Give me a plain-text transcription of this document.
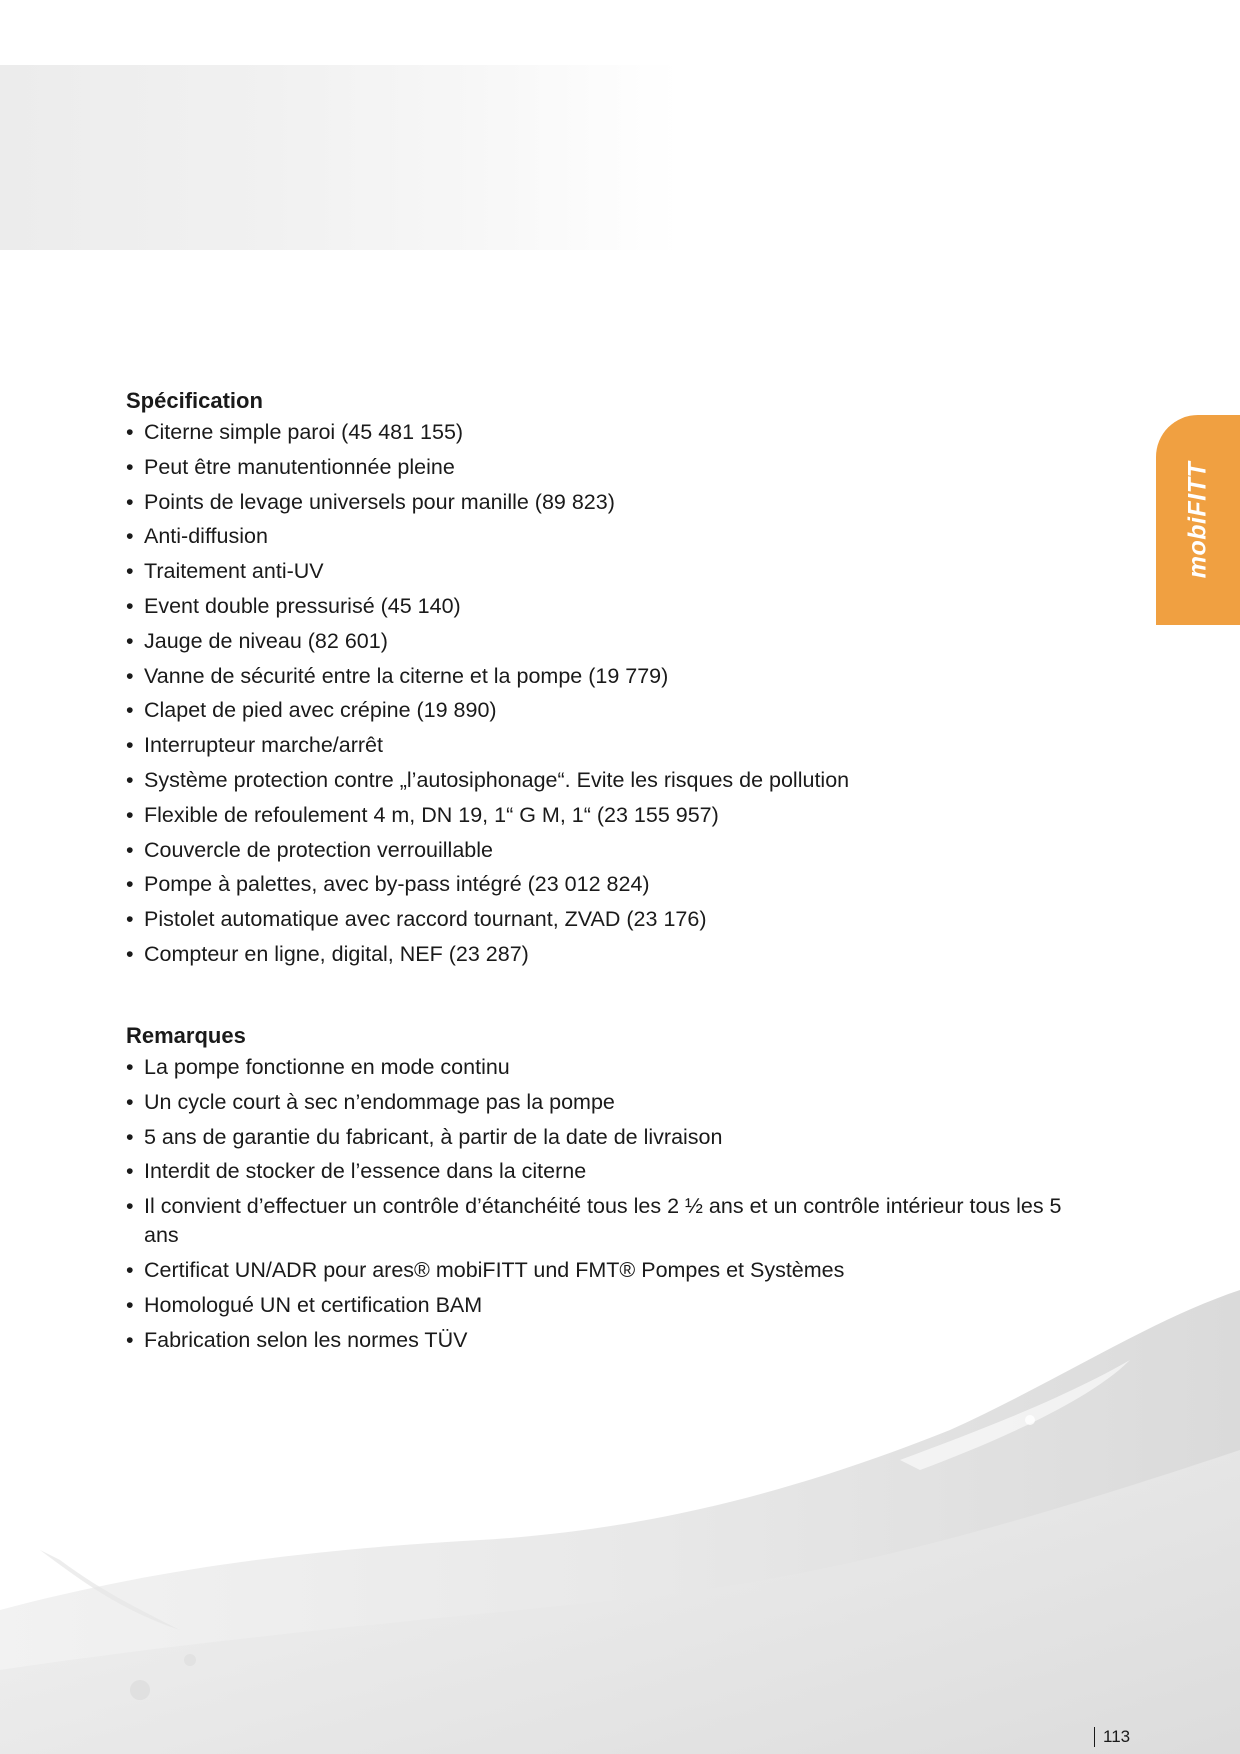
mobiFITT
Spécification
• Citerne simple paroi (45 481 155)
• Peut être manutentionnée pleine
• Points de levage universels pour manille (89 823)
• Anti-diffusion
• Traitement anti-UV
• Event double pressurisé (45 140)
• Jauge de niveau (82 601)
• Vanne de sécurité entre la citerne et la pompe (19 779)
• Clapet de pied avec crépine (19 890)
• Interrupteur marche/arrêt
• Système protection contre „l’autosiphonage“. Evite les risques de pollution
• Flexible de refoulement 4 m, DN 19, 1“ G M, 1“ (23 155 957)
• Couvercle de protection verrouillable
• Pompe à palettes, avec by-pass intégré (23 012 824)
• Pistolet automatique avec raccord tournant, ZVAD (23 176)
• Compteur en ligne, digital, NEF (23 287)
Remarques
• La pompe fonctionne en mode continu
• Un cycle court à sec n’endommage pas la pompe
• 5 ans de garantie du fabricant, à partir de la date de livraison
• Interdit de stocker de l’essence dans la citerne
• Il convient d’effectuer un contrôle d’étanchéité tous les 2 ½ ans et un contrôle intérieur tous les 5 ans
• Certificat UN/ADR pour ares® mobiFITT und FMT® Pompes et Systèmes
• Homologué UN et certification BAM
• Fabrication selon les normes TÜV
113
